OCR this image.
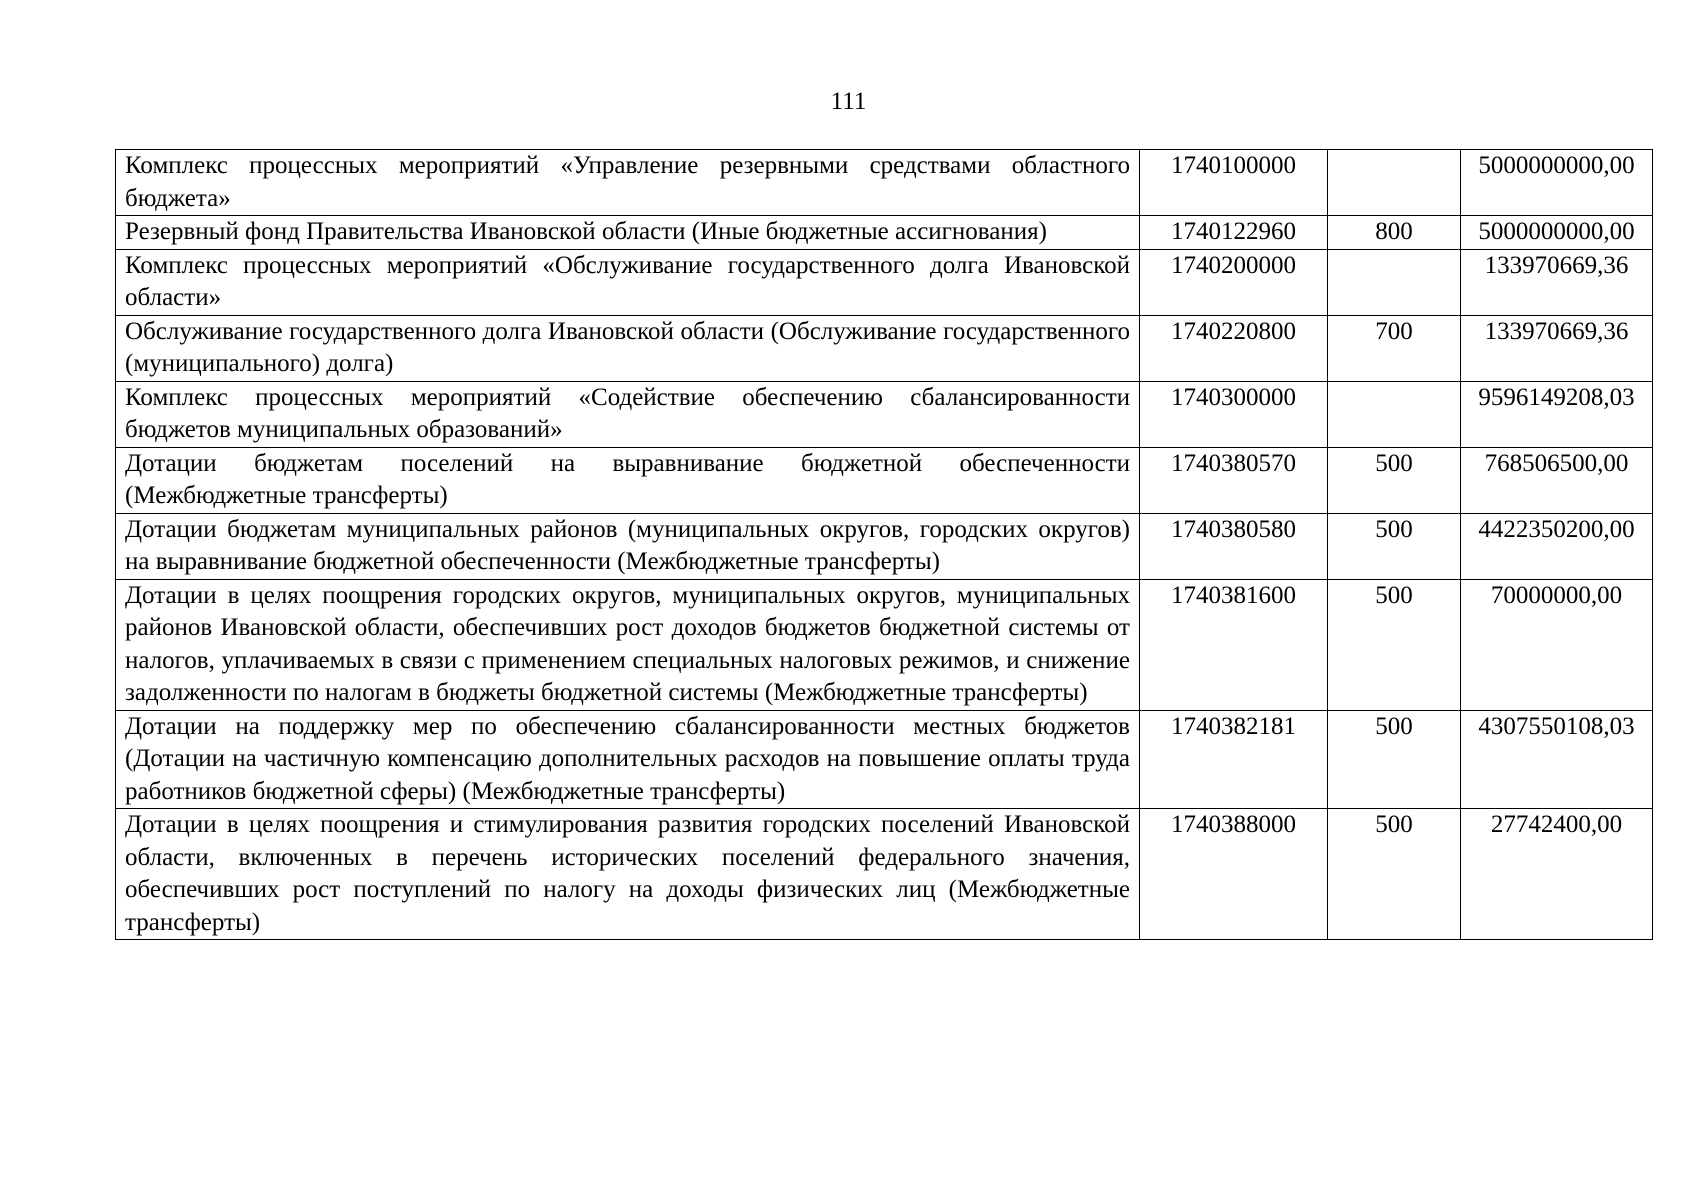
111
Комплекс процессных мероприятий «Управление резервными средствами областного бюджета»	1740100000		5000000000,00
Резервный фонд Правительства Ивановской области (Иные бюджетные ассигнования)	1740122960	800	5000000000,00
Комплекс процессных мероприятий «Обслуживание государственного долга Ивановской области»	1740200000		133970669,36
Обслуживание государственного долга Ивановской области (Обслуживание государственного (муниципального) долга)	1740220800	700	133970669,36
Комплекс процессных мероприятий «Содействие обеспечению сбалансированности бюджетов муниципальных образований»	1740300000		9596149208,03
Дотации бюджетам поселений на выравнивание бюджетной обеспеченности (Межбюджетные трансферты)	1740380570	500	768506500,00
Дотации бюджетам муниципальных районов (муниципальных округов, городских округов) на выравнивание бюджетной обеспеченности (Межбюджетные трансферты)	1740380580	500	4422350200,00
Дотации в целях поощрения городских округов, муниципальных округов, муниципальных районов Ивановской области, обеспечивших рост доходов бюджетов бюджетной системы от налогов, уплачиваемых в связи с применением специальных налоговых режимов, и снижение задолженности по налогам в бюджеты бюджетной системы (Межбюджетные трансферты)	1740381600	500	70000000,00
Дотации на поддержку мер по обеспечению сбалансированности местных бюджетов (Дотации на частичную компенсацию дополнительных расходов на повышение оплаты труда работников бюджетной сферы) (Межбюджетные трансферты)	1740382181	500	4307550108,03
Дотации в целях поощрения и стимулирования развития городских поселений Ивановской области, включенных в перечень исторических поселений федерального значения, обеспечивших рост поступлений по налогу на доходы физических лиц (Межбюджетные трансферты)	1740388000	500	27742400,00
